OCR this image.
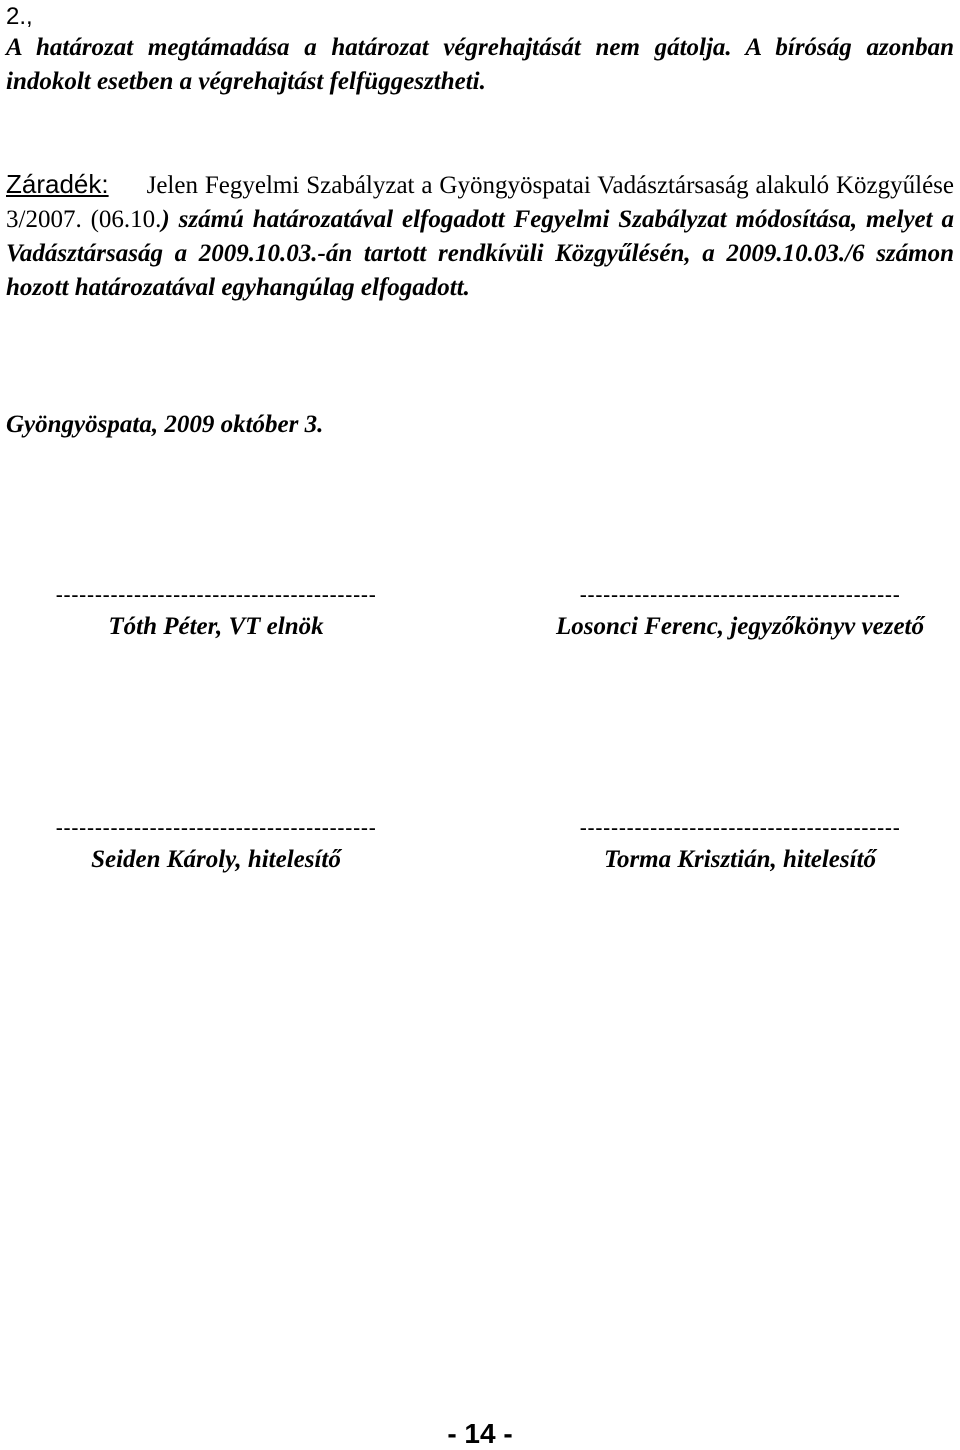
2.,
A határozat megtámadása a határozat végrehajtását nem gátolja. A bíróság azonban indokolt esetben a végrehajtást felfüggesztheti.
Záradék: Jelen Fegyelmi Szabályzat a Gyöngyöspatai Vadásztársaság alakuló Közgyűlése 3/2007. (06.10.) számú határozatával elfogadott Fegyelmi Szabályzat módosítása, melyet a Vadásztársaság a 2009.10.03.-án tartott rendkívüli Közgyűlésén, a 2009.10.03./6 számon hozott határozatával egyhangúlag elfogadott.
Gyöngyöspata, 2009 október 3.
-----------------------------------------
Tóth Péter, VT elnök
-----------------------------------------
Losonci Ferenc, jegyzőkönyv vezető
-----------------------------------------
Seiden Károly, hitelesítő
-----------------------------------------
Torma Krisztián, hitelesítő
- 14 -
